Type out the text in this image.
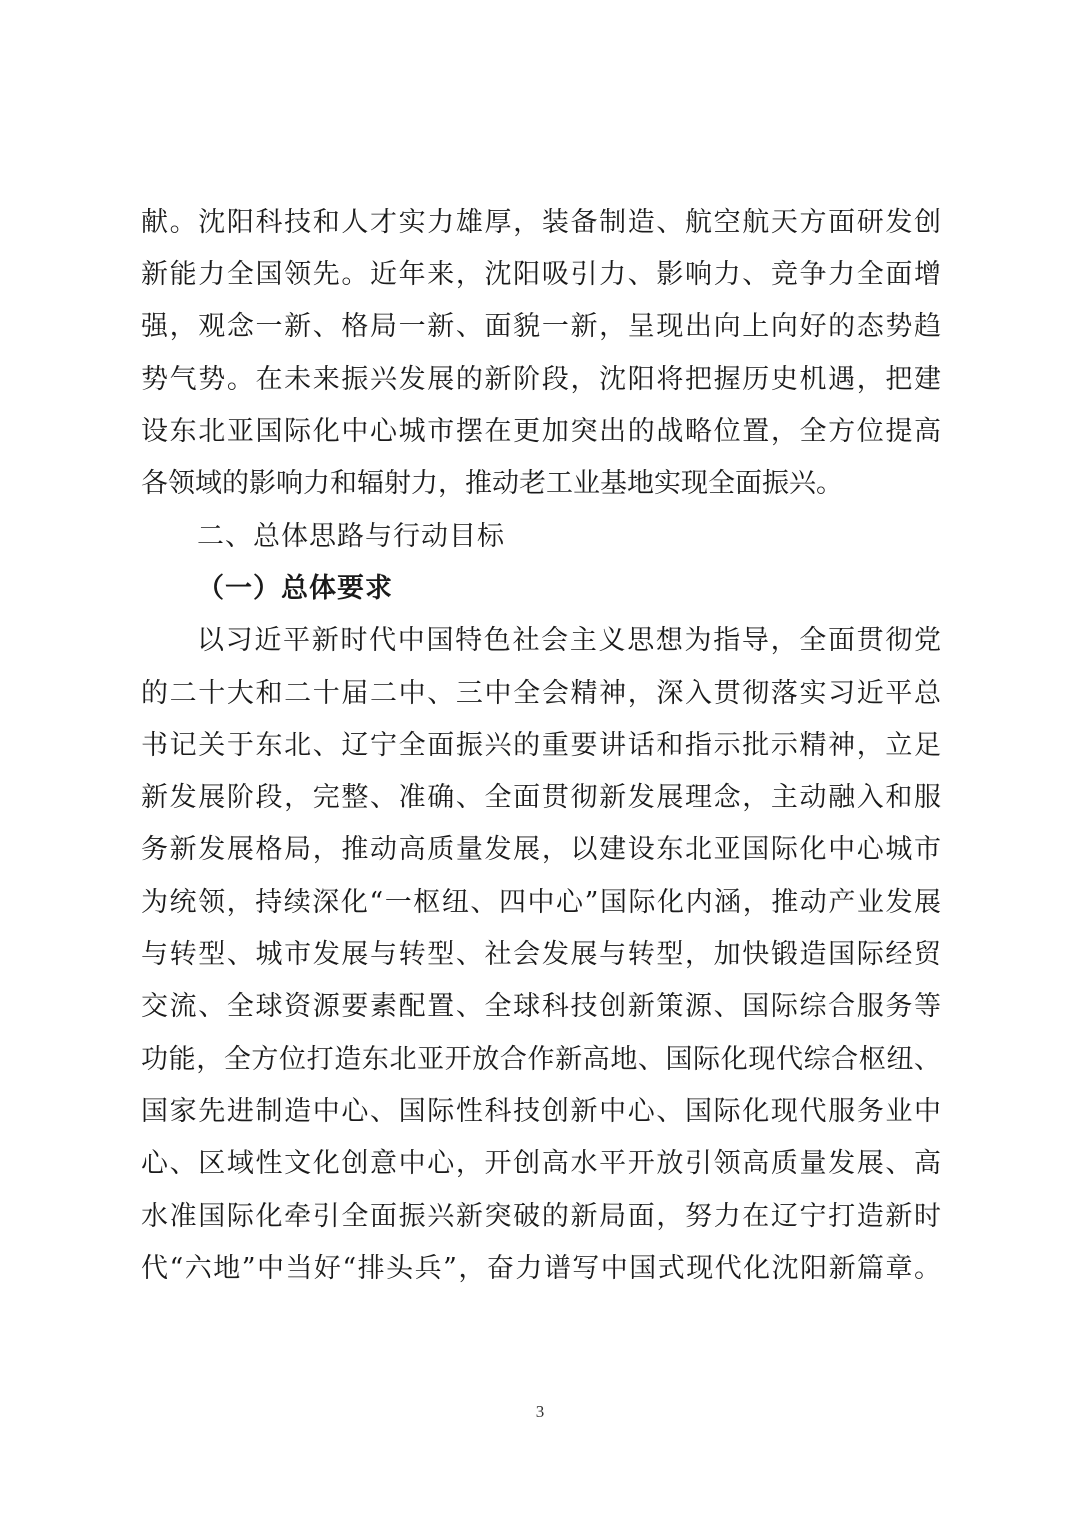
献。沈阳科技和人才实力雄厚，装备制造、航空航天方面研发创
新能力全国领先。近年来，沈阳吸引力、影响力、竞争力全面增
强，观念一新、格局一新、面貌一新，呈现出向上向好的态势趋
势气势。在未来振兴发展的新阶段，沈阳将把握历史机遇，把建
设东北亚国际化中心城市摆在更加突出的战略位置，全方位提高
各领域的影响力和辐射力，推动老工业基地实现全面振兴。
二、总体思路与行动目标
（一）总体要求
以习近平新时代中国特色社会主义思想为指导，全面贯彻党
的二十大和二十届二中、三中全会精神，深入贯彻落实习近平总
书记关于东北、辽宁全面振兴的重要讲话和指示批示精神，立足
新发展阶段，完整、准确、全面贯彻新发展理念，主动融入和服
务新发展格局，推动高质量发展，以建设东北亚国际化中心城市
为统领，持续深化“一枢纽、四中心”国际化内涵，推动产业发展
与转型、城市发展与转型、社会发展与转型，加快锻造国际经贸
交流、全球资源要素配置、全球科技创新策源、国际综合服务等
功能，全方位打造东北亚开放合作新高地、国际化现代综合枢纽、
国家先进制造中心、国际性科技创新中心、国际化现代服务业中
心、区域性文化创意中心，开创高水平开放引领高质量发展、高
水准国际化牵引全面振兴新突破的新局面，努力在辽宁打造新时
代“六地”中当好“排头兵”，奋力谱写中国式现代化沈阳新篇章。
3
